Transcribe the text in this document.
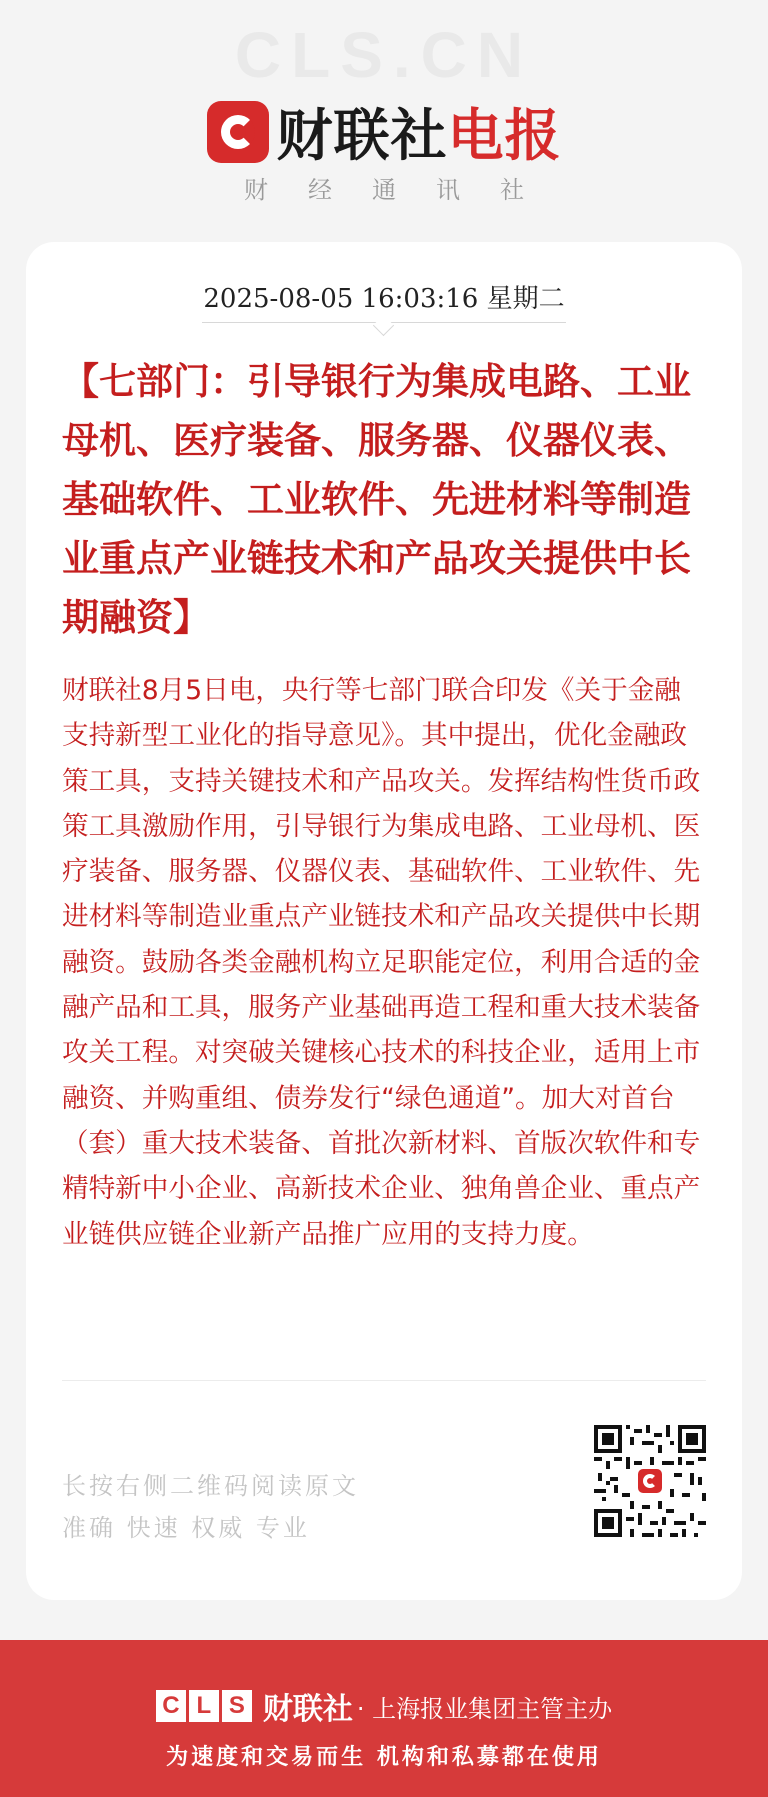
CLS.CN
财联社 电报
财经通讯社
2025-08-05 16:03:16 星期二
【七部门：引导银行为集成电路、工业母机、医疗装备、服务器、仪器仪表、基础软件、工业软件、先进材料等制造业重点产业链技术和产品攻关提供中长期融资】
财联社8月5日电，央行等七部门联合印发《关于金融支持新型工业化的指导意见》。其中提出，优化金融政策工具，支持关键技术和产品攻关。发挥结构性货币政策工具激励作用，引导银行为集成电路、工业母机、医疗装备、服务器、仪器仪表、基础软件、工业软件、先进材料等制造业重点产业链技术和产品攻关提供中长期融资。鼓励各类金融机构立足职能定位，利用合适的金融产品和工具，服务产业基础再造工程和重大技术装备攻关工程。对突破关键核心技术的科技企业，适用上市融资、并购重组、债券发行“绿色通道”。加大对首台（套）重大技术装备、首批次新材料、首版次软件和专精特新中小企业、高新技术企业、独角兽企业、重点产业链供应链企业新产品推广应用的支持力度。
长按右侧二维码阅读原文
准确 快速 权威 专业
C L S 财联社 · 上海报业集团主管主办
为速度和交易而生 机构和私募都在使用
